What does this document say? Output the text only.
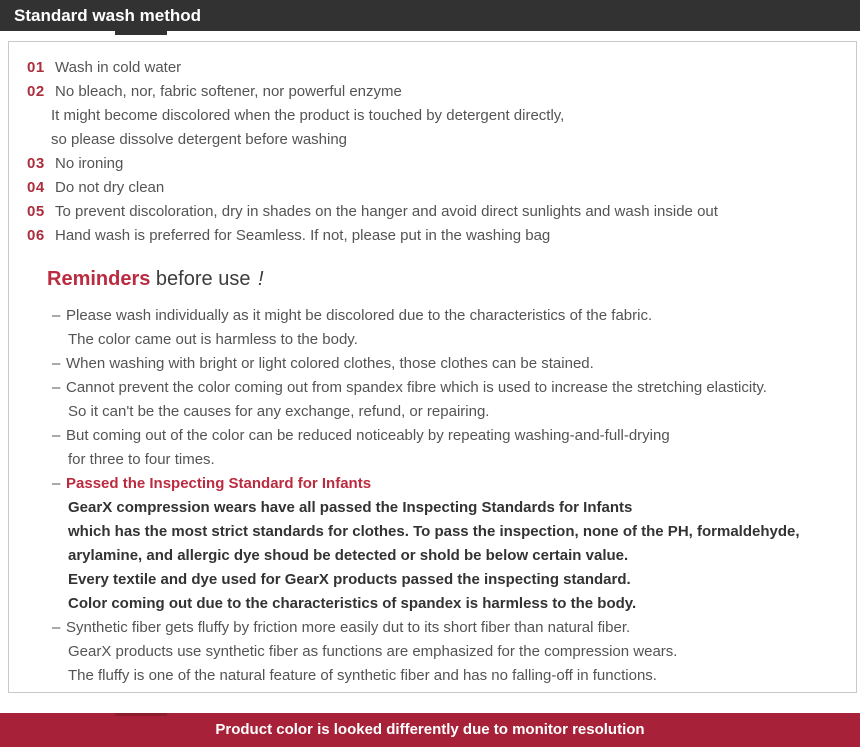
Standard wash method
01 Wash in cold water
02 No bleach, nor, fabric softener, nor powerful enzyme
It might become discolored when the product is touched by detergent directly,
so please dissolve detergent before washing
03 No ironing
04 Do not dry clean
05 To prevent discoloration, dry in shades on the hanger and avoid direct sunlights and wash inside out
06 Hand wash is preferred for Seamless. If not, please put in the washing bag
Reminders before use !
– Please wash individually as it might be discolored due to the characteristics of the fabric.
The color came out is harmless to the body.
– When washing with bright or light colored clothes, those clothes can be stained.
– Cannot prevent the color coming out from spandex fibre which is used to increase the stretching elasticity.
So it can't be the causes for any exchange, refund, or repairing.
– But coming out of the color can be reduced noticeably by repeating washing-and-full-drying
for three to four times.
– Passed the Inspecting Standard for Infants
GearX compression wears have all passed the Inspecting Standards for Infants
which has the most strict standards for clothes. To pass the inspection, none of the PH, formaldehyde,
arylamine, and allergic dye shoud be detected or shold be below certain value.
Every textile and dye used for GearX products passed the inspecting standard.
Color coming out due to the characteristics of spandex is harmless to the body.
– Synthetic fiber gets fluffy by friction more easily dut to its short fiber than natural fiber.
GearX products use synthetic fiber as functions are emphasized for the compression wears.
The fluffy is one of the natural feature of synthetic fiber and has no falling-off in functions.
Product color is looked differently due to monitor resolution
